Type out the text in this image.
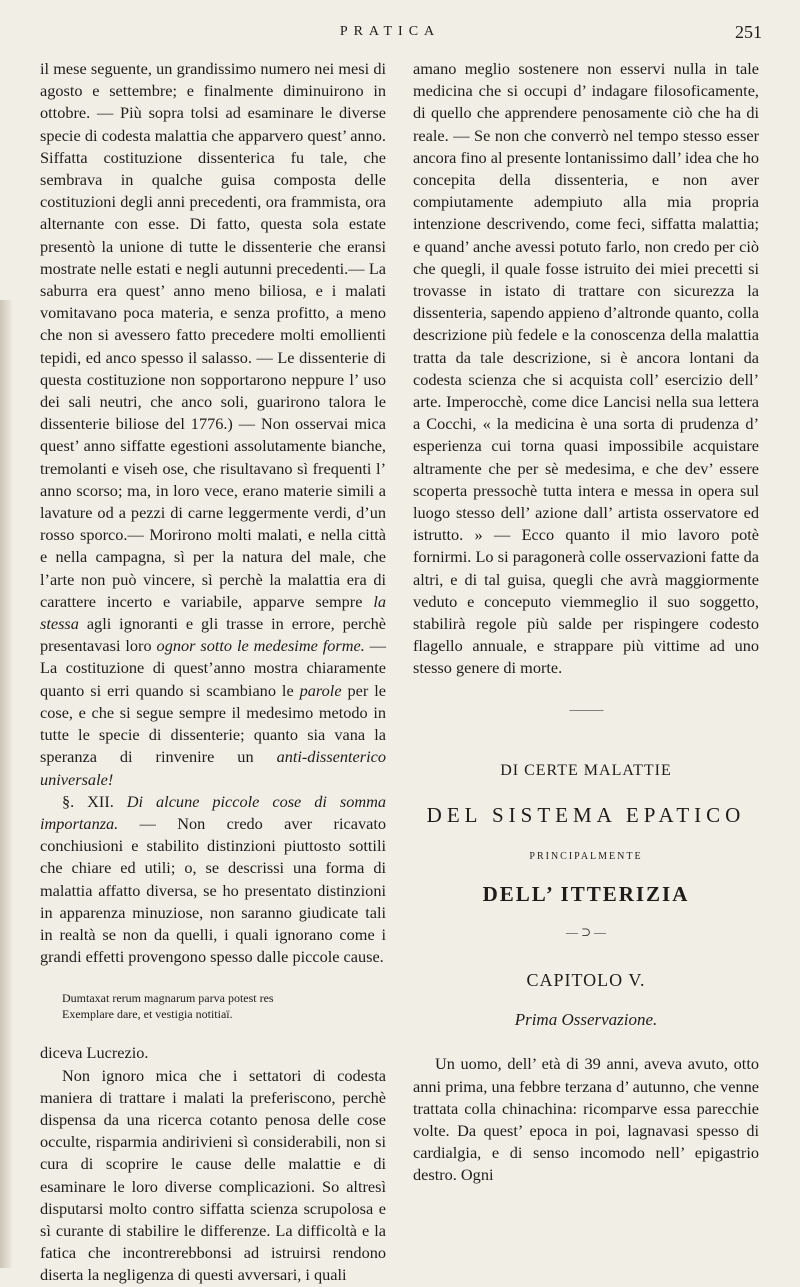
PRATICA	251

il mese seguente, un grandissimo numero nei mesi di agosto e settembre; e finalmente diminuirono in ottobre. — Più sopra tolsi ad esaminare le diverse specie di codesta malattia che apparvero quest’ anno. Siffatta costituzione dissenterica fu tale, che sembrava in qualche guisa composta delle costituzioni degli anni precedenti, ora frammista, ora alternante con esse. Di fatto, questa sola estate presentò la unione di tutte le dissenterie che eransi mostrate nelle estati e negli autunni precedenti.— La saburra era quest’ anno meno biliosa, e i malati vomitavano poca materia, e senza profitto, a meno che non si avessero fatto precedere molti emollienti tepidi, ed anco spesso il salasso. — Le dissenterie di questa costituzione non sopportarono neppure l’ uso dei sali neutri, che anco soli, guarirono talora le dissenterie biliose del 1776.) — Non osservai mica quest’ anno siffatte egestioni assolutamente bianche, tremolanti e viseh ose, che risultavano sì frequenti l’ anno scorso; ma, in loro vece, erano materie simili a lavature od a pezzi di carne leggermente verdi, d’un rosso sporco.— Morirono molti malati, e nella città e nella campagna, sì per la natura del male, che l’arte non può vincere, sì perchè la malattia era di carattere incerto e variabile, apparve sempre la stessa agli ignoranti e gli trasse in errore, perchè presentavasi loro ognor sotto le medesime forme. — La costituzione di quest’anno mostra chiaramente quanto si erri quando si scambiano le parole per le cose, e che si segue sempre il medesimo metodo in tutte le specie di dissenterie; quanto sia vana la speranza di rinvenire un anti-dissenterico universale!

§. XII. Di alcune piccole cose di somma importanza. — Non credo aver ricavato conchiusioni e stabilito distinzioni piuttosto sottili che chiare ed utili; o, se descrissi una forma di malattia affatto diversa, se ho presentato distinzioni in apparenza minuziose, non saranno giudicate tali in realtà se non da quelli, i quali ignorano come i grandi effetti provengono spesso dalle piccole cause.

Dumtaxat rerum magnarum parva potest res
Exemplare dare, et vestigia notitiaï.

diceva Lucrezio.

Non ignoro mica che i settatori di codesta maniera di trattare i malati la preferiscono, perchè dispensa da una ricerca cotanto penosa delle cose occulte, risparmia andirivieni sì considerabili, non si cura di scoprire le cause delle malattie e di esaminare le loro diverse complicazioni. So altresì disputarsi molto contro siffatta scienza scrupolosa e sì curante di stabilire le differenze. La difficoltà e la fatica che incontrerebbonsi ad istruirsi rendono diserta la negligenza di questi avversari, i quali

amano meglio sostenere non esservi nulla in tale medicina che si occupi d’ indagare filosoficamente, di quello che apprendere penosamente ciò che ha di reale. — Se non che converrò nel tempo stesso esser ancora fino al presente lontanissimo dall’ idea che ho concepita della dissenteria, e non aver compiutamente adempiuto alla mia propria intenzione descrivendo, come feci, siffatta malattia; e quand’ anche avessi potuto farlo, non credo per ciò che quegli, il quale fosse istruito dei miei precetti si trovasse in istato di trattare con sicurezza la dissenteria, sapendo appieno d’altronde quanto, colla descrizione più fedele e la conoscenza della malattia tratta da tale descrizione, si è ancora lontani da codesta scienza che si acquista coll’ esercizio dell’ arte. Imperocchè, come dice Lancisi nella sua lettera a Cocchi, « la medicina è una sorta di prudenza d’ esperienza cui torna quasi impossibile acquistare altramente che per sè medesima, e che dev’ essere scoperta pressochè tutta intera e messa in opera sul luogo stesso dell’ azione dall’ artista osservatore ed istrutto. » — Ecco quanto il mio lavoro potè fornirmi. Lo si paragonerà colle osservazioni fatte da altri, e di tal guisa, quegli che avrà maggiormente veduto e conceputo viemmeglio il suo soggetto, stabilirà regole più salde per rispingere codesto flagello annuale, e strappare più vittime ad uno stesso genere di morte.

———
DI CERTE MALATTIE
DEL SISTEMA EPATICO
PRINCIPALMENTE
DELL’ ITTERIZIA
— ⊃ —
CAPITOLO V.
Prima Osservazione.

Un uomo, dell’ età di 39 anni, aveva avuto, otto anni prima, una febbre terzana d’ autunno, che venne trattata colla chinachina: ricomparve essa parecchie volte. Da quest’ epoca in poi, lagnavasi spesso di cardialgia, e di senso incomodo nell’ epigastrio destro. Ogni
